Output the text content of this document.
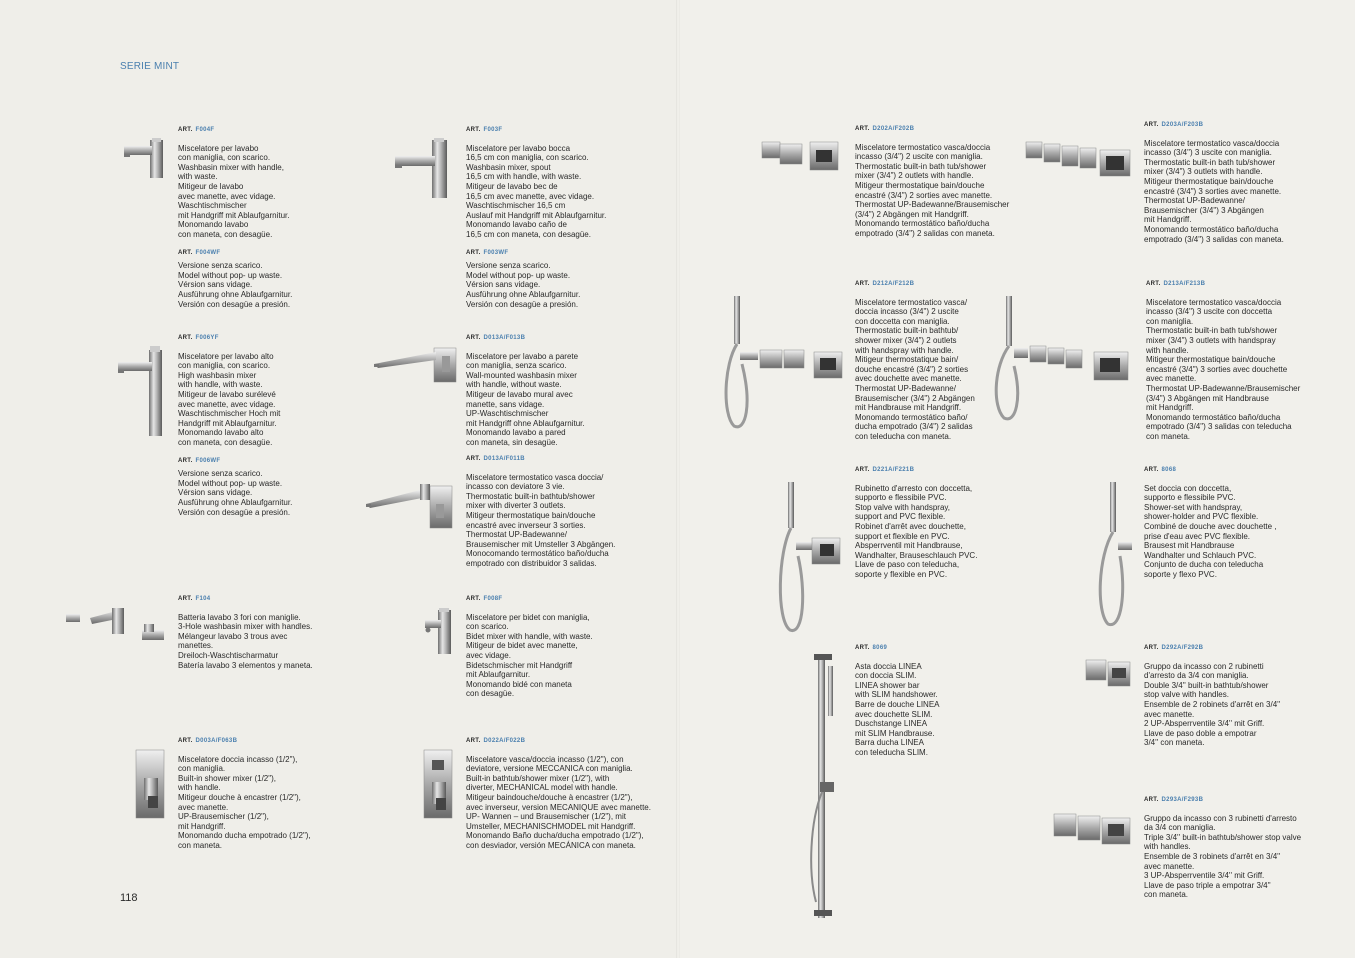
SERIE MINT
118
ART. F004F
Miscelatore per lavabo
con maniglia, con scarico.
Washbasin mixer with handle,
with waste.
Mitigeur de lavabo
avec manette, avec vidage.
Waschtischmischer
mit Handgriff mit Ablaufgarnitur.
Monomando lavabo
con maneta, con desagüe.
ART. F004WF
Versione senza scarico.
Model without pop- up waste.
Vérsion sans vidage.
Ausführung ohne Ablaufgarnitur.
Versión con desagüe a presión.
ART. F003F
Miscelatore per lavabo bocca
16,5 cm con maniglia, con scarico.
Washbasin mixer, spout
16,5 cm with handle, with waste.
Mitigeur de lavabo bec de
16,5 cm avec manette, avec vidage.
Waschtischmischer 16,5 cm
Auslauf mit Handgriff mit Ablaufgarnitur.
Monomando lavabo caño de
16,5 cm con maneta, con desagüe.
ART. F003WF
Versione senza scarico.
Model without pop- up waste.
Vérsion sans vidage.
Ausführung ohne Ablaufgarnitur.
Versión con desagüe a presión.
ART. F006YF
Miscelatore per lavabo alto
con maniglia, con scarico.
High washbasin mixer
with handle, with waste.
Mitigeur de lavabo surélevé
avec manette, avec vidage.
Waschtischmischer Hoch mit
Handgriff mit Ablaufgarnitur.
Monomando lavabo alto
con maneta, con desagüe.
ART. F006WF
Versione senza scarico.
Model without pop- up waste.
Vérsion sans vidage.
Ausführung ohne Ablaufgarnitur.
Versión con desagüe a presión.
ART. D013A/F013B
Miscelatore per lavabo a parete
con maniglia, senza scarico.
Wall-mounted washbasin mixer
with handle, without waste.
Mitigeur de lavabo mural avec
manette, sans vidage.
UP-Waschtischmischer
mit Handgriff ohne Ablaufgarnitur.
Monomando lavabo a pared
con maneta, sin desagüe.
ART. D013A/F011B
Miscelatore termostatico vasca doccia/
incasso con deviatore 3 vie.
Thermostatic built-in bathtub/shower
mixer with diverter 3 outlets.
Mitigeur thermostatique bain/douche
encastré avec inverseur 3 sorties.
Thermostat UP-Badewanne/
Brausemischer mit Umsteller 3 Abgängen.
Monocomando termostático baño/ducha
empotrado con distribuidor 3 salidas.
ART. F104
Batteria lavabo 3 fori con maniglie.
3-Hole washbasin mixer with handles.
Mélangeur lavabo 3 trous avec
manettes.
Dreiloch-Waschtischarmatur
Batería lavabo 3 elementos y maneta.
ART. F008F
Miscelatore per bidet con maniglia,
con scarico.
Bidet mixer with handle, with waste.
Mitigeur de bidet avec manette,
avec vidage.
Bidetschmischer mit Handgriff
mit Ablaufgarnitur.
Monomando bidé con maneta
con desagüe.
ART. D003A/F063B
Miscelatore doccia incasso (1/2"),
con maniglia.
Built-in shower mixer (1/2"),
with handle.
Mitigeur douche à encastrer (1/2"),
avec manette.
UP-Brausemischer (1/2"),
mit Handgriff.
Monomando ducha empotrado (1/2"),
con maneta.
ART. D022A/F022B
Miscelatore vasca/doccia incasso (1/2"), con
deviatore, versione MECCANICA con maniglia.
Built-in bathtub/shower mixer (1/2"), with
diverter, MECHANICAL model with handle.
Mitigeur baindouche/douche à encastrer (1/2"),
avec inverseur, version MECANIQUE avec manette.
UP- Wannen – und Brausemischer (1/2"), mit
Umsteller, MECHANISCHMODEL mit Handgriff.
Monomando Baño ducha/ducha empotrado (1/2"),
con desviador, versión MECÁNICA con maneta.
ART. D202A/F202B
Miscelatore termostatico vasca/doccia
incasso (3/4") 2 uscite con maniglia.
Thermostatic built-in bath tub/shower
mixer (3/4") 2 outlets with handle.
Mitigeur thermostatique bain/douche
encastré (3/4") 2 sorties avec manette.
Thermostat UP-Badewanne/Brausemischer
(3/4") 2 Abgängen mit Handgriff.
Monomando termostático baño/ducha
empotrado (3/4") 2 salidas con maneta.
ART. D203A/F203B
Miscelatore termostatico vasca/doccia
incasso (3/4") 3 uscite con maniglia.
Thermostatic built-in bath tub/shower
mixer (3/4") 3 outlets with handle.
Mitigeur thermostatique bain/douche
encastré (3/4") 3 sorties avec manette.
Thermostat UP-Badewanne/
Brausemischer (3/4") 3 Abgängen
mit Handgriff.
Monomando termostático baño/ducha
empotrado (3/4") 3 salidas con maneta.
ART. D212A/F212B
Miscelatore termostatico vasca/
doccia incasso (3/4") 2 uscite
con doccetta con maniglia.
Thermostatic built-in bathtub/
shower mixer (3/4") 2 outlets
with handspray with handle.
Mitigeur thermostatique bain/
douche encastré (3/4") 2 sorties
avec douchette avec manette.
Thermostat UP-Badewanne/
Brausemischer (3/4") 2 Abgängen
mit Handbrause mit Handgriff.
Monomando termostático baño/
ducha empotrado (3/4") 2 salidas
con teleducha con maneta.
ART. D213A/F213B
Miscelatore termostatico vasca/doccia
incasso (3/4") 3 uscite con doccetta
con maniglia.
Thermostatic built-in bath tub/shower
mixer (3/4") 3 outlets with handspray
with handle.
Mitigeur thermostatique bain/douche
encastré (3/4") 3 sorties avec douchette
avec manette.
Thermostat UP-Badewanne/Brausemischer
(3/4") 3 Abgängen mit Handbrause
mit Handgriff.
Monomando termostático baño/ducha
empotrado (3/4") 3 salidas con teleducha
con maneta.
ART. D221A/F221B
Rubinetto d'arresto con doccetta,
supporto e flessibile PVC.
Stop valve with handspray,
support and PVC flexible.
Robinet d'arrêt avec douchette,
support et flexible en PVC.
Absperrventil mit Handbrause,
Wandhalter, Brauseschlauch PVC.
Llave de paso con teleducha,
soporte y flexible en PVC.
ART. 8068
Set doccia con doccetta,
supporto e flessibile PVC.
Shower-set with handspray,
shower-holder and PVC flexible.
Combiné de douche avec douchette ,
prise d'eau avec PVC flexible.
Brausest mit Handbrause
Wandhalter und Schlauch PVC.
Conjunto de ducha con teleducha
soporte y flexo PVC.
ART. 8069
Asta doccia LINEA
con doccia SLIM.
LINEA shower bar
with SLIM handshower.
Barre de douche LINEA
avec douchette SLIM.
Duschstange LINEA
mit SLIM Handbrause.
Barra ducha LINEA
con teleducha SLIM.
ART. D292A/F292B
Gruppo da incasso con 2 rubinetti
d'arresto da 3/4 con maniglia.
Double 3/4'' built-in bathtub/shower
stop valve with handles.
Ensemble de 2 robinets d'arrêt en 3/4''
avec manette.
2 UP-Absperrventile 3/4'' mit Griff.
Llave de paso doble a empotrar
3/4'' con maneta.
ART. D293A/F293B
Gruppo da incasso con 3 rubinetti d'arresto
da 3/4 con maniglia.
Triple 3/4'' built-in bathtub/shower stop valve
with handles.
Ensemble de 3 robinets d'arrêt en 3/4''
avec manette.
3 UP-Absperrventile 3/4'' mit Griff.
Llave de paso triple a empotrar 3/4''
con maneta.
